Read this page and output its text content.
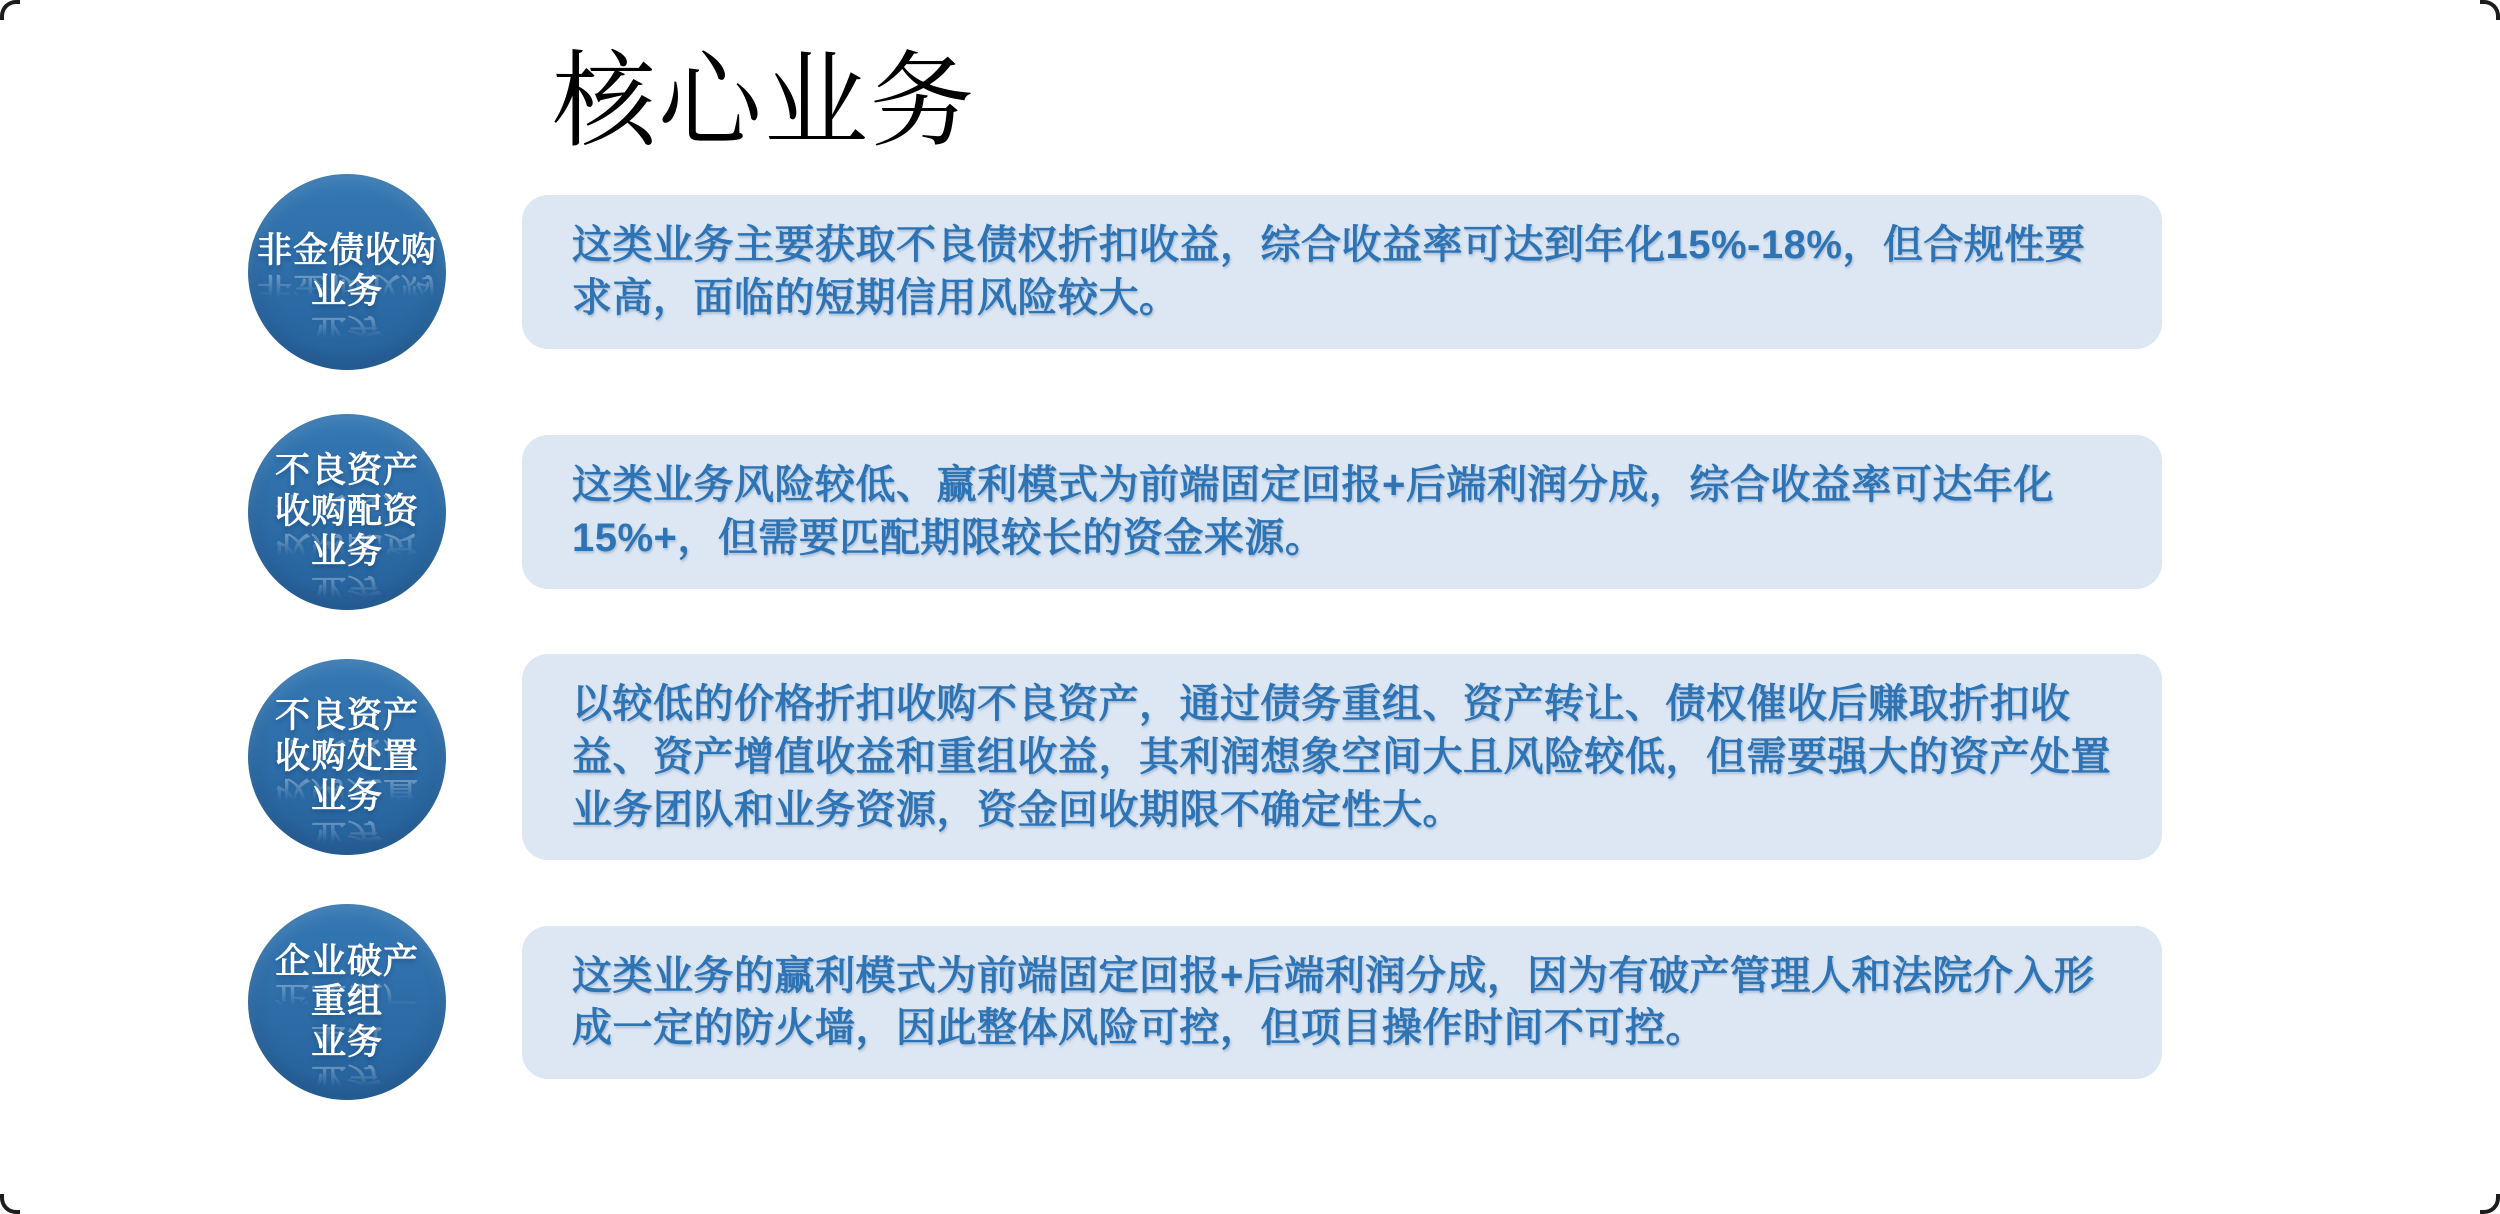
核心业务
非金债收购
业务

这类业务主要获取不良债权折扣收益，综合收益率可达到年化15%-18%，但合规性要求高，面临的短期信用风险较大。

不良资产
收购配资
业务

这类业务风险较低、赢利模式为前端固定回报+后端利润分成，综合收益率可达年化15%+，但需要匹配期限较长的资金来源。

不良资产
收购处置
业务

以较低的价格折扣收购不良资产，通过债务重组、资产转让、债权催收后赚取折扣收益、资产增值收益和重组收益，其利润想象空间大且风险较低，但需要强大的资产处置业务团队和业务资源，资金回收期限不确定性大。

企业破产
重组
业务

这类业务的赢利模式为前端固定回报+后端利润分成，因为有破产管理人和法院介入形成一定的防火墙，因此整体风险可控，但项目操作时间不可控。
